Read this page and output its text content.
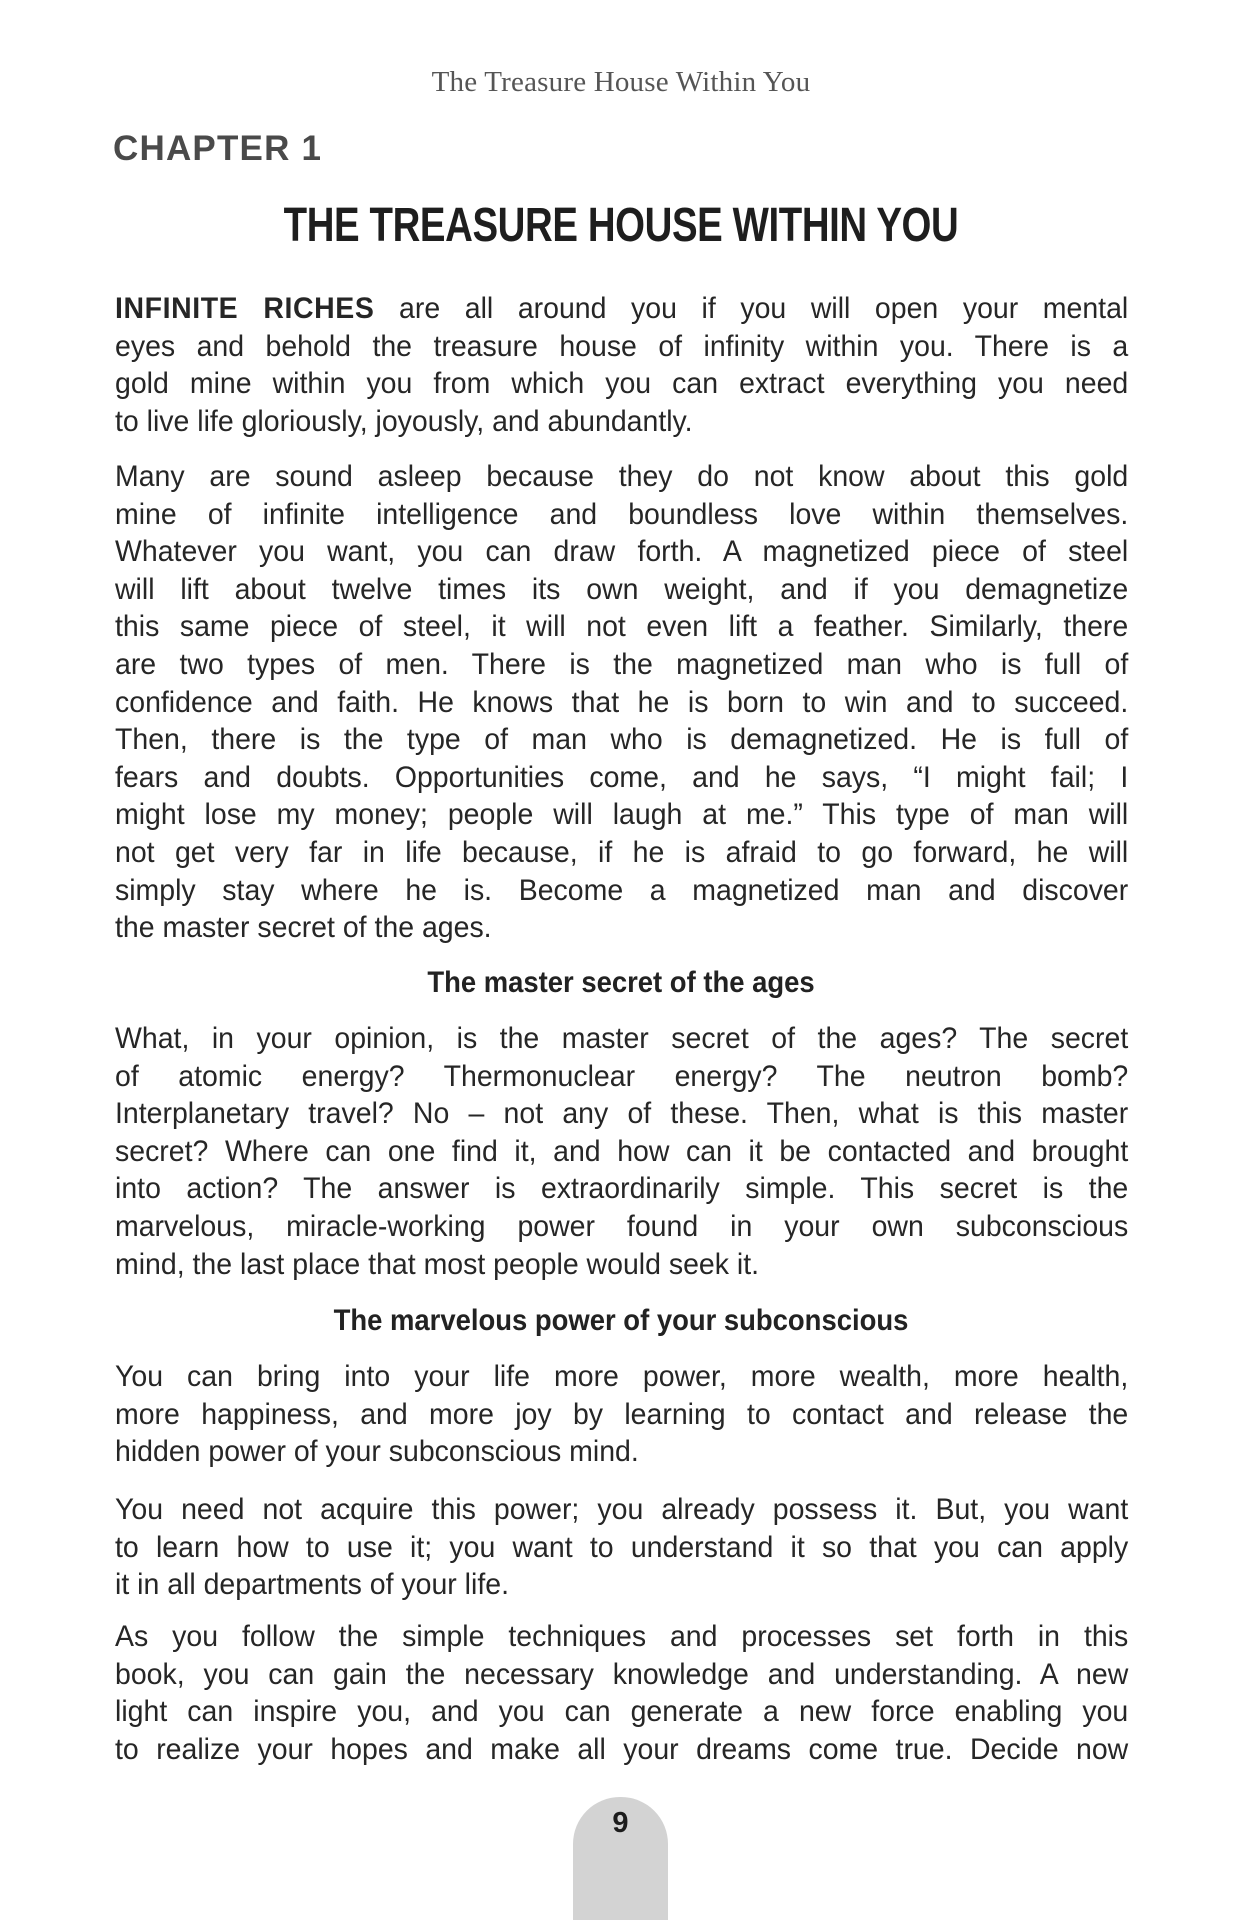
The Treasure House Within You
CHAPTER 1
THE TREASURE HOUSE WITHIN YOU
INFINITE RICHES are all around you if you will open your mental
eyes and behold the treasure house of infinity within you. There is a
gold mine within you from which you can extract everything you need
to live life gloriously, joyously, and abundantly.
Many are sound asleep because they do not know about this gold
mine of infinite intelligence and boundless love within themselves.
Whatever you want, you can draw forth. A magnetized piece of steel
will lift about twelve times its own weight, and if you demagnetize
this same piece of steel, it will not even lift a feather. Similarly, there
are two types of men. There is the magnetized man who is full of
confidence and faith. He knows that he is born to win and to succeed.
Then, there is the type of man who is demagnetized. He is full of
fears and doubts. Opportunities come, and he says, “I might fail; I
might lose my money; people will laugh at me.” This type of man will
not get very far in life because, if he is afraid to go forward, he will
simply stay where he is. Become a magnetized man and discover
the master secret of the ages.
The master secret of the ages
What, in your opinion, is the master secret of the ages? The secret
of atomic energy? Thermonuclear energy? The neutron bomb?
Interplanetary travel? No – not any of these. Then, what is this master
secret? Where can one find it, and how can it be contacted and brought
into action? The answer is extraordinarily simple. This secret is the
marvelous, miracle-working power found in your own subconscious
mind, the last place that most people would seek it.
The marvelous power of your subconscious
You can bring into your life more power, more wealth, more health,
more happiness, and more joy by learning to contact and release the
hidden power of your subconscious mind.
You need not acquire this power; you already possess it. But, you want
to learn how to use it; you want to understand it so that you can apply
it in all departments of your life.
As you follow the simple techniques and processes set forth in this
book, you can gain the necessary knowledge and understanding. A new
light can inspire you, and you can generate a new force enabling you
to realize your hopes and make all your dreams come true. Decide now
9
